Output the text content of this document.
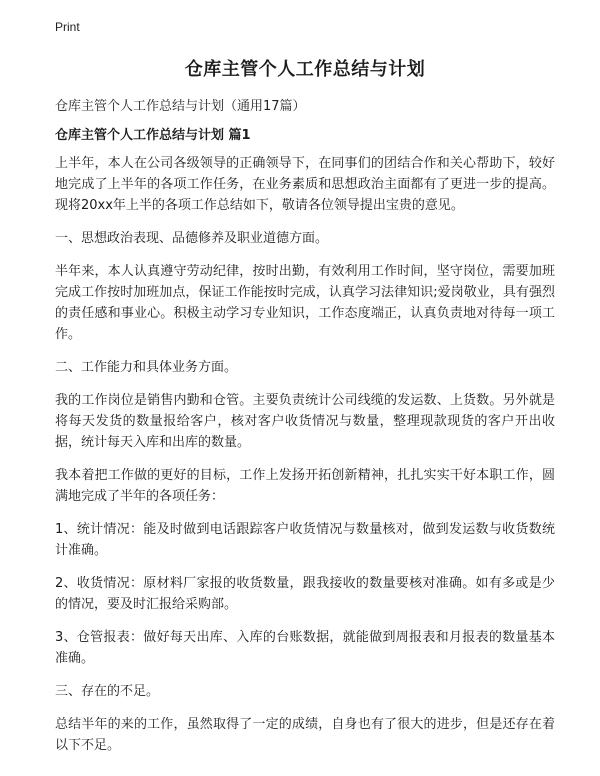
Print
仓库主管个人工作总结与计划
仓库主管个人工作总结与计划（通用17篇）
仓库主管个人工作总结与计划 篇1

上半年，本人在公司各级领导的正确领导下，在同事们的团结合作和关心帮助下，较好地完成了上半年的各项工作任务，在业务素质和思想政治主面都有了更进一步的提高。现将20xx年上半的各项工作总结如下，敬请各位领导提出宝贵的意见。

一、思想政治表现、品德修养及职业道德方面。

半年来，本人认真遵守劳动纪律，按时出勤，有效利用工作时间，坚守岗位，需要加班完成工作按时加班加点，保证工作能按时完成，认真学习法律知识;爱岗敬业，具有强烈的责任感和事业心。积极主动学习专业知识，工作态度端正，认真负责地对待每一项工作。

二、工作能力和具体业务方面。

我的工作岗位是销售内勤和仓管。主要负责统计公司线缆的发运数、上货数。另外就是将每天发货的数量报给客户，核对客户收货情况与数量，整理现款现货的客户开出收据，统计每天入库和出库的数量。

我本着把工作做的更好的目标，工作上发扬开拓创新精神，扎扎实实干好本职工作，圆满地完成了半年的各项任务：

1、统计情况：能及时做到电话跟踪客户收货情况与数量核对，做到发运数与收货数统计准确。

2、收货情况：原材料厂家报的收货数量，跟我接收的数量要核对准确。如有多或是少的情况，要及时汇报给采购部。

3、仓管报表：做好每天出库、入库的台账数据，就能做到周报表和月报表的数量基本准确。

三、存在的不足。

总结半年的来的工作，虽然取得了一定的成绩，自身也有了很大的进步，但是还存在着以下不足。
